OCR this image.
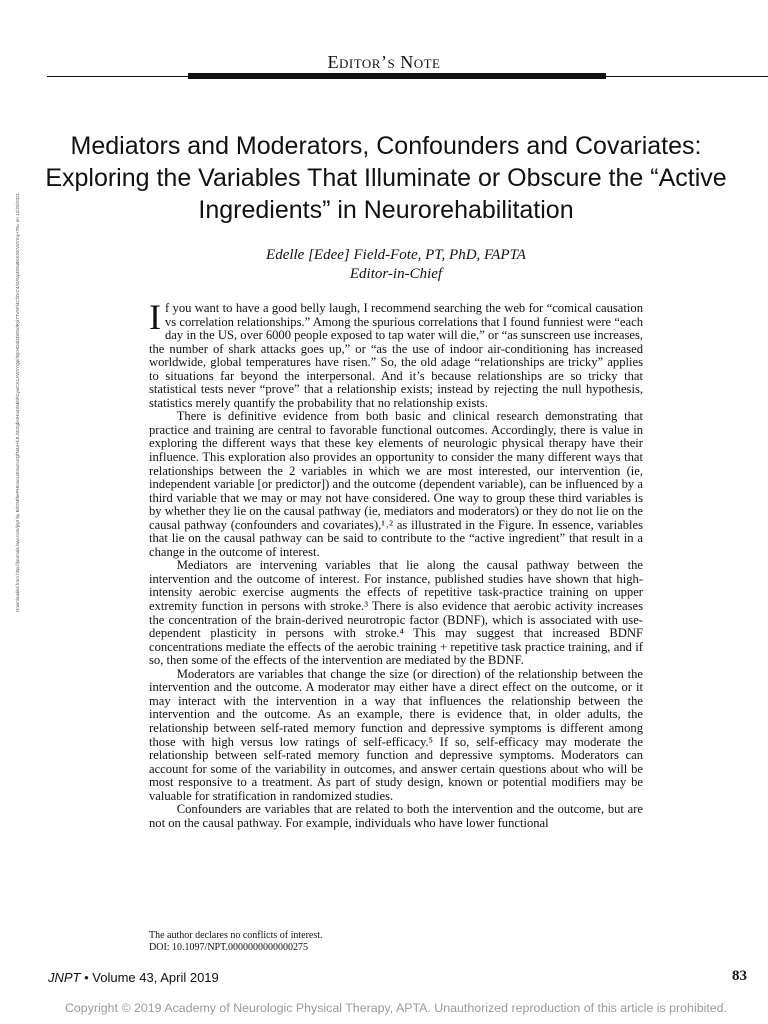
Editor’s Note
Mediators and Moderators, Confounders and Covariates: Exploring the Variables That Illuminate or Obscure the “Active Ingredients” in Neurorehabilitation
Edelle [Edee] Field-Fote, PT, PhD, FAPTA
Editor-in-Chief
Downloaded from http://journals.lww.com/jnpt by BhDMf5ePHKav1zEoum1tQfN4a+kJLhEZgbsIHo4XMi0hCywCX1AWnYQp/IlQrHD3i3D0OdRyi7TvSFl4Cf3VC4/OAVpDDa8KKGKV0Ymy+78= on 12/25/2021	If you want to have a good belly laugh, I recommend searching the web for “comical causation vs correlation relationships.” Among the spurious correlations that I found funniest were “each day in the US, over 6000 people exposed to tap water will die,” or “as sunscreen use increases, the number of shark attacks goes up,” or “as the use of indoor air-conditioning has increased worldwide, global temperatures have risen.” So, the old adage “relationships are tricky” applies to situations far beyond the interpersonal. And it’s because relationships are so tricky that statistical tests never “prove” that a relationship exists; instead by rejecting the null hypothesis, statistics merely quantify the probability that no relationship exists.

There is definitive evidence from both basic and clinical research demonstrating that practice and training are central to favorable functional outcomes. Accordingly, there is value in exploring the different ways that these key elements of neurologic physical therapy have their influence. This exploration also provides an opportunity to consider the many different ways that relationships between the 2 variables in which we are most interested, our intervention (ie, independent variable [or predictor]) and the outcome (dependent variable), can be influenced by a third variable that we may or may not have considered. One way to group these third variables is by whether they lie on the causal pathway (ie, mediators and moderators) or they do not lie on the causal pathway (confounders and covariates),¹˒² as illustrated in the Figure. In essence, variables that lie on the causal pathway can be said to contribute to the “active ingredient” that result in a change in the outcome of interest.

Mediators are intervening variables that lie along the causal pathway between the intervention and the outcome of interest. For instance, published studies have shown that high-intensity aerobic exercise augments the effects of repetitive task-practice training on upper extremity function in persons with stroke.³ There is also evidence that aerobic activity increases the concentration of the brain-derived neurotropic factor (BDNF), which is associated with use-dependent plasticity in persons with stroke.⁴ This may suggest that increased BDNF concentrations mediate the effects of the aerobic training + repetitive task practice training, and if so, then some of the effects of the intervention are mediated by the BDNF.

Moderators are variables that change the size (or direction) of the relationship between the intervention and the outcome. A moderator may either have a direct effect on the outcome, or it may interact with the intervention in a way that influences the relationship between the intervention and the outcome. As an example, there is evidence that, in older adults, the relationship between self-rated memory function and depressive symptoms is different among those with high versus low ratings of self-efficacy.⁵ If so, self-efficacy may moderate the relationship between self-rated memory function and depressive symptoms. Moderators can account for some of the variability in outcomes, and answer certain questions about who will be most responsive to a treatment. As part of study design, known or potential modifiers may be valuable for stratification in randomized studies.

Confounders are variables that are related to both the intervention and the outcome, but are not on the causal pathway. For example, individuals who have lower functional

The author declares no conflicts of interest.
DOI: 10.1097/NPT.0000000000000275
JNPT • Volume 43, April 2019	83
Copyright © 2019 Academy of Neurologic Physical Therapy, APTA. Unauthorized reproduction of this article is prohibited.
